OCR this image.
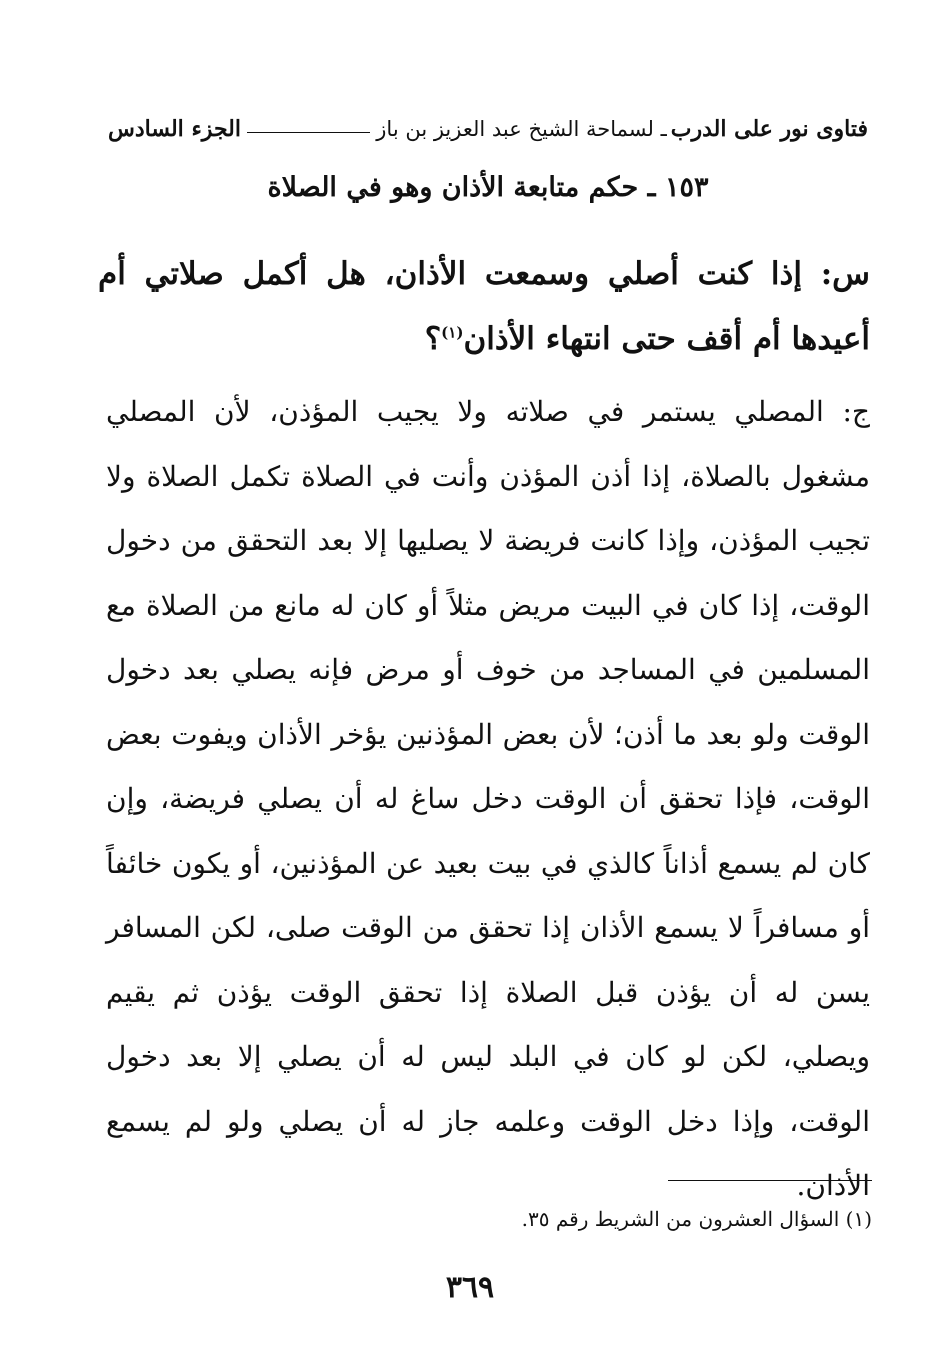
فتاوى نور على الدرب
ـ لسماحة الشيخ عبد العزيز بن باز
الجزء السادس
١٥٣ ـ حكم متابعة الأذان وهو في الصلاة
س: إذا كنت أصلي وسمعت الأذان، هل أكمل صلاتي أم أعيدها أم أقف حتى انتهاء الأذان$^{(١)}$؟
ج: المصلي يستمر في صلاته ولا يجيب المؤذن، لأن المصلي مشغول بالصلاة، إذا أذن المؤذن وأنت في الصلاة تكمل الصلاة ولا تجيب المؤذن، وإذا كانت فريضة لا يصليها إلا بعد التحقق من دخول الوقت، إذا كان في البيت مريض مثلاً أو كان له مانع من الصلاة مع المسلمين في المساجد من خوف أو مرض فإنه يصلي بعد دخول الوقت ولو بعد ما أذن؛ لأن بعض المؤذنين يؤخر الأذان ويفوت بعض الوقت، فإذا تحقق أن الوقت دخل ساغ له أن يصلي فريضة، وإن كان لم يسمع أذاناً كالذي في بيت بعيد عن المؤذنين، أو يكون خائفاً أو مسافراً لا يسمع الأذان إذا تحقق من الوقت صلى، لكن المسافر يسن له أن يؤذن قبل الصلاة إذا تحقق الوقت يؤذن ثم يقيم ويصلي، لكن لو كان في البلد ليس له أن يصلي إلا بعد دخول الوقت، وإذا دخل الوقت وعلمه جاز له أن يصلي ولو لم يسمع الأذان.
(١) السؤال العشرون من الشريط رقم ٣٥.
٣٦٩
